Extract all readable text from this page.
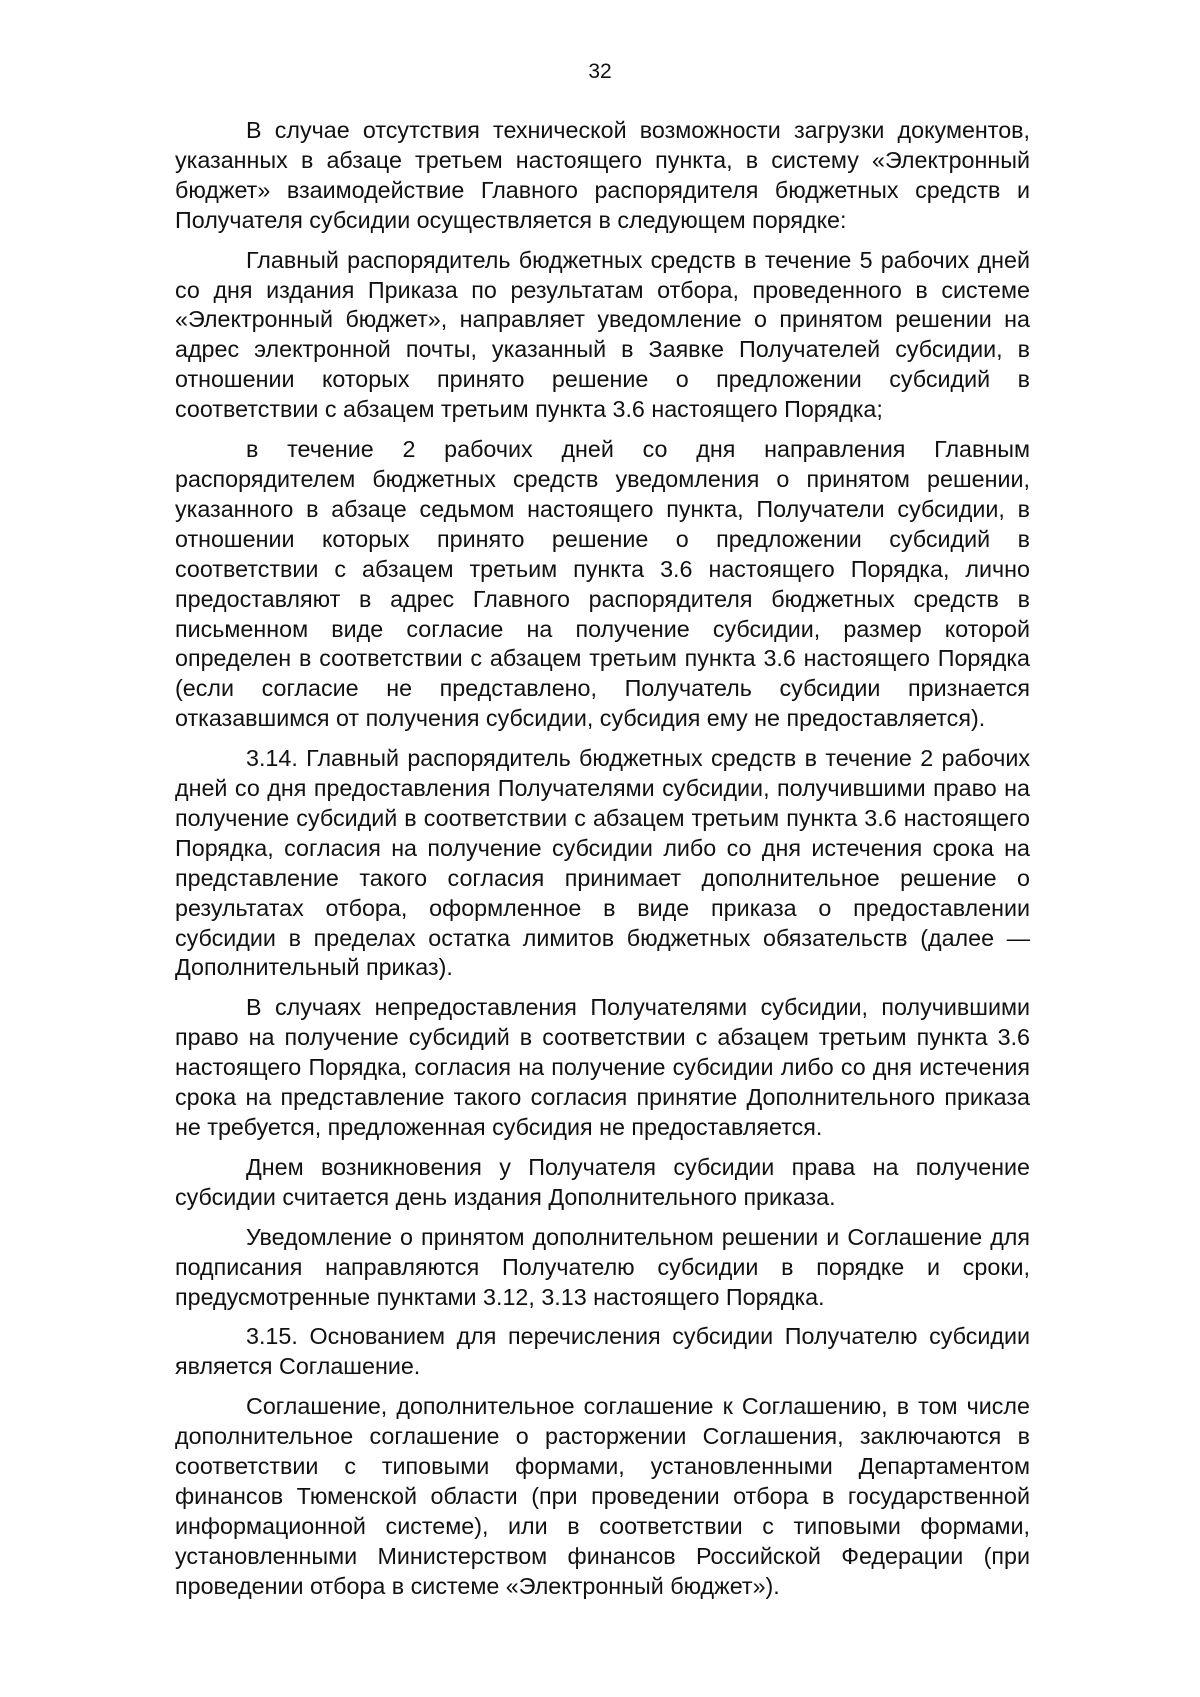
32

В случае отсутствия технической возможности загрузки документов, указанных в абзаце третьем настоящего пункта, в систему «Электронный бюджет» взаимодействие Главного распорядителя бюджетных средств и Получателя субсидии осуществляется в следующем порядке:

Главный распорядитель бюджетных средств в течение 5 рабочих дней со дня издания Приказа по результатам отбора, проведенного в системе «Электронный бюджет», направляет уведомление о принятом решении на адрес электронной почты, указанный в Заявке Получателей субсидии, в отношении которых принято решение о предложении субсидий в соответствии с абзацем третьим пункта 3.6 настоящего Порядка;

в течение 2 рабочих дней со дня направления Главным распорядителем бюджетных средств уведомления о принятом решении, указанного в абзаце седьмом настоящего пункта, Получатели субсидии, в отношении которых принято решение о предложении субсидий в соответствии с абзацем третьим пункта 3.6 настоящего Порядка, лично предоставляют в адрес Главного распорядителя бюджетных средств в письменном виде согласие на получение субсидии, размер которой определен в соответствии с абзацем третьим пункта 3.6 настоящего Порядка (если согласие не представлено, Получатель субсидии признается отказавшимся от получения субсидии, субсидия ему не предоставляется).

3.14. Главный распорядитель бюджетных средств в течение 2 рабочих дней со дня предоставления Получателями субсидии, получившими право на получение субсидий в соответствии с абзацем третьим пункта 3.6 настоящего Порядка, согласия на получение субсидии либо со дня истечения срока на представление такого согласия принимает дополнительное решение о результатах отбора, оформленное в виде приказа о предоставлении субсидии в пределах остатка лимитов бюджетных обязательств (далее — Дополнительный приказ).

В случаях непредоставления Получателями субсидии, получившими право на получение субсидий в соответствии с абзацем третьим пункта 3.6 настоящего Порядка, согласия на получение субсидии либо со дня истечения срока на представление такого согласия принятие Дополнительного приказа не требуется, предложенная субсидия не предоставляется.

Днем возникновения у Получателя субсидии права на получение субсидии считается день издания Дополнительного приказа.

Уведомление о принятом дополнительном решении и Соглашение для подписания направляются Получателю субсидии в порядке и сроки, предусмотренные пунктами 3.12, 3.13 настоящего Порядка.

3.15. Основанием для перечисления субсидии Получателю субсидии является Соглашение.

Соглашение, дополнительное соглашение к Соглашению, в том числе дополнительное соглашение о расторжении Соглашения, заключаются в соответствии с типовыми формами, установленными Департаментом финансов Тюменской области (при проведении отбора в государственной информационной системе), или в соответствии с типовыми формами, установленными Министерством финансов Российской Федерации (при проведении отбора в системе «Электронный бюджет»).
